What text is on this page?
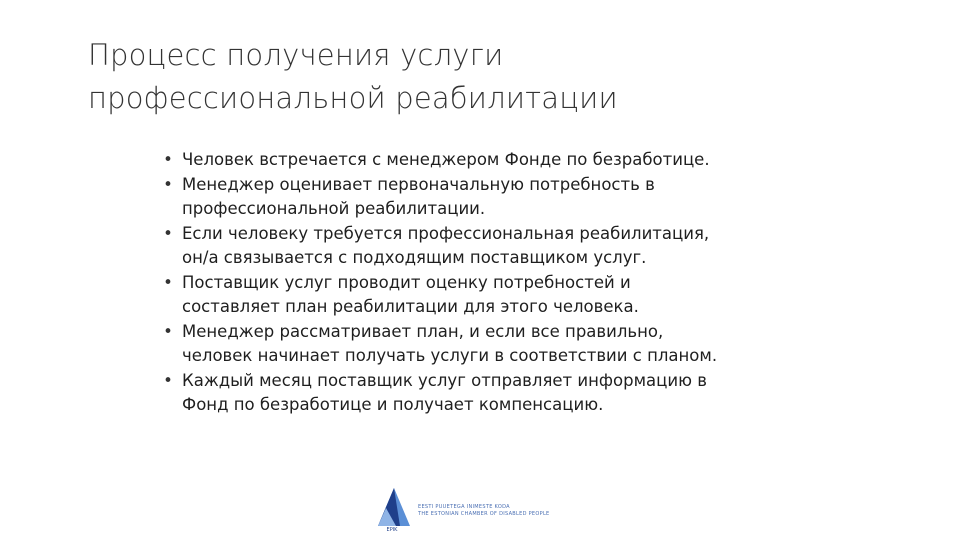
Процесс получения услуги
профессиональной реабилитации
• Человек встречается с менеджером Фонде по безработице.
• Менеджер оценивает первоначальную потребность в
профессиональной реабилитации.
• Если человеку требуется профессиональная реабилитация,
он/а связывается с подходящим поставщиком услуг.
• Поставщик услуг проводит оценку потребностей и
составляет план реабилитации для этого человека.
• Менеджер рассматривает план, и если все правильно,
человек начинает получать услуги в соответствии с планом.
• Каждый месяц поставщик услуг отправляет информацию в
Фонд по безработице и получает компенсацию.
EPIK
EESTI PUUETEGA INIMESTE KODA
THE ESTONIAN CHAMBER OF DISABLED PEOPLE
